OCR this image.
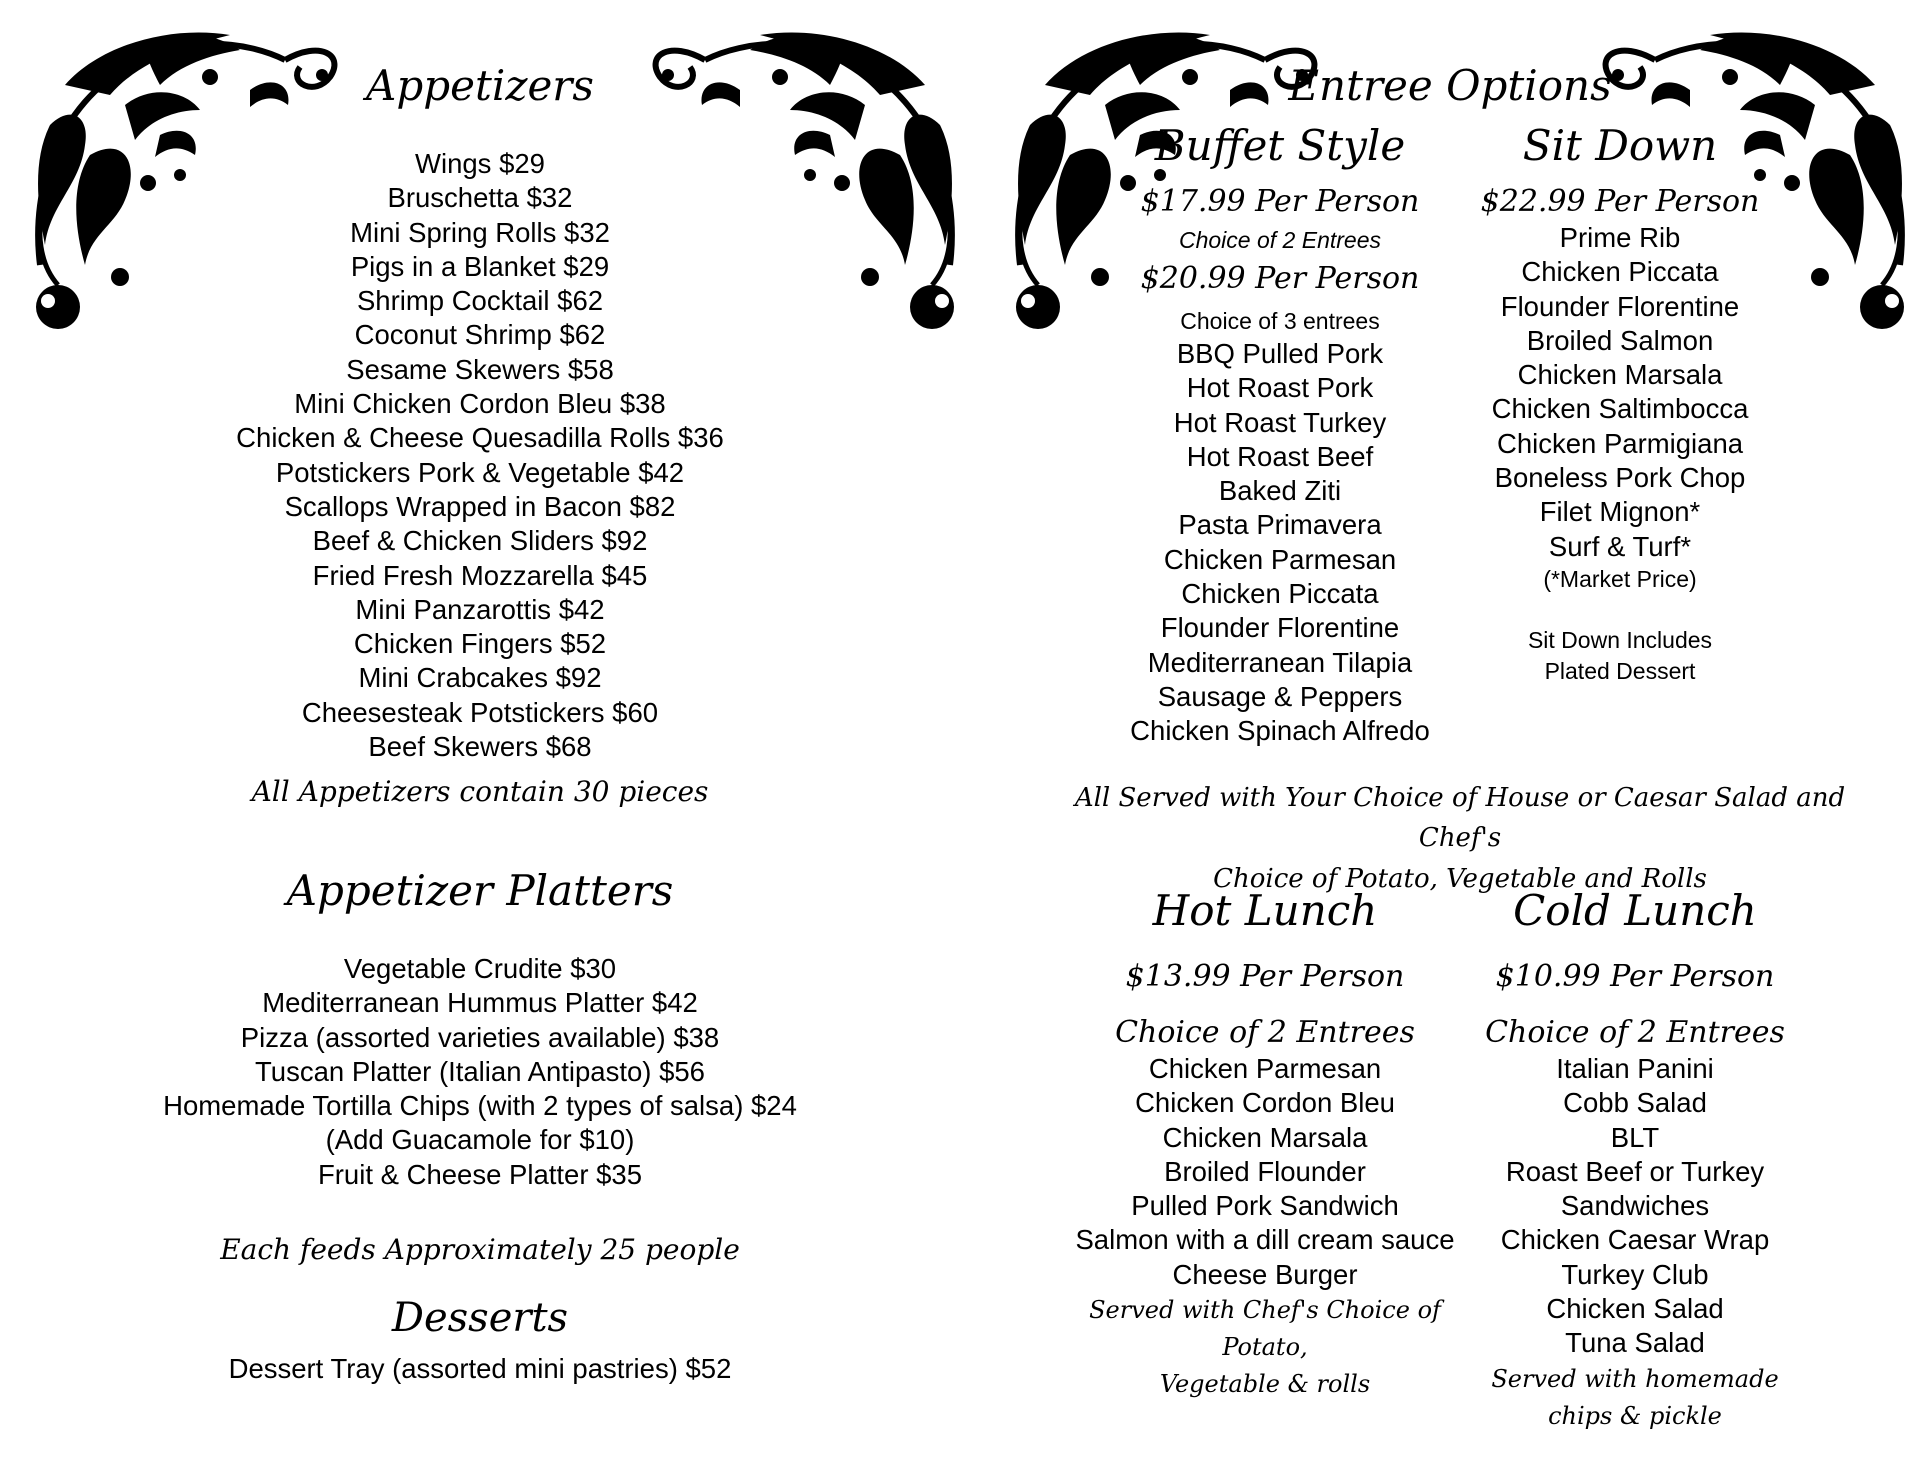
Appetizers
Wings $29
Bruschetta $32
Mini Spring Rolls $32
Pigs in a Blanket $29
Shrimp Cocktail $62
Coconut Shrimp $62
Sesame Skewers $58
Mini Chicken Cordon Bleu $38
Chicken & Cheese Quesadilla Rolls $36
Potstickers Pork & Vegetable $42
Scallops Wrapped in Bacon $82
Beef & Chicken Sliders $92
Fried Fresh Mozzarella $45
Mini Panzarottis $42
Chicken Fingers $52
Mini Crabcakes $92
Cheesesteak Potstickers $60
Beef Skewers $68
All Appetizers contain 30 pieces
Appetizer Platters
Vegetable Crudite $30
Mediterranean Hummus Platter $42
Pizza (assorted varieties available) $38
Tuscan Platter (Italian Antipasto) $56
Homemade Tortilla Chips (with 2 types of salsa) $24
(Add Guacamole for $10)
Fruit & Cheese Platter $35
Each feeds Approximately 25 people
Desserts
Dessert Tray (assorted mini pastries) $52
Entree Options
Buffet Style
$17.99 Per Person
Choice of 2 Entrees
$20.99 Per Person
Choice of 3 entrees
BBQ Pulled Pork
Hot Roast Pork
Hot Roast Turkey
Hot Roast Beef
Baked Ziti
Pasta Primavera
Chicken Parmesan
Chicken Piccata
Flounder Florentine
Mediterranean Tilapia
Sausage & Peppers
Chicken Spinach Alfredo
Sit Down
$22.99 Per Person
Prime Rib
Chicken Piccata
Flounder Florentine
Broiled Salmon
Chicken Marsala
Chicken Saltimbocca
Chicken Parmigiana
Boneless Pork Chop
Filet Mignon*
Surf & Turf*
(*Market Price)
Sit Down Includes
Plated Dessert
All Served with Your Choice of House or Caesar Salad and Chef's
Choice of Potato, Vegetable and Rolls
Hot Lunch
$13.99 Per Person
Choice of 2 Entrees
Chicken Parmesan
Chicken Cordon Bleu
Chicken Marsala
Broiled Flounder
Pulled Pork Sandwich
Salmon with a dill cream sauce
Cheese Burger
Served with Chef's Choice of Potato,
Vegetable & rolls
Cold Lunch
$10.99 Per Person
Choice of 2 Entrees
Italian Panini
Cobb Salad
BLT
Roast Beef or Turkey
Sandwiches
Chicken Caesar Wrap
Turkey Club
Chicken Salad
Tuna Salad
Served with homemade
chips & pickle
